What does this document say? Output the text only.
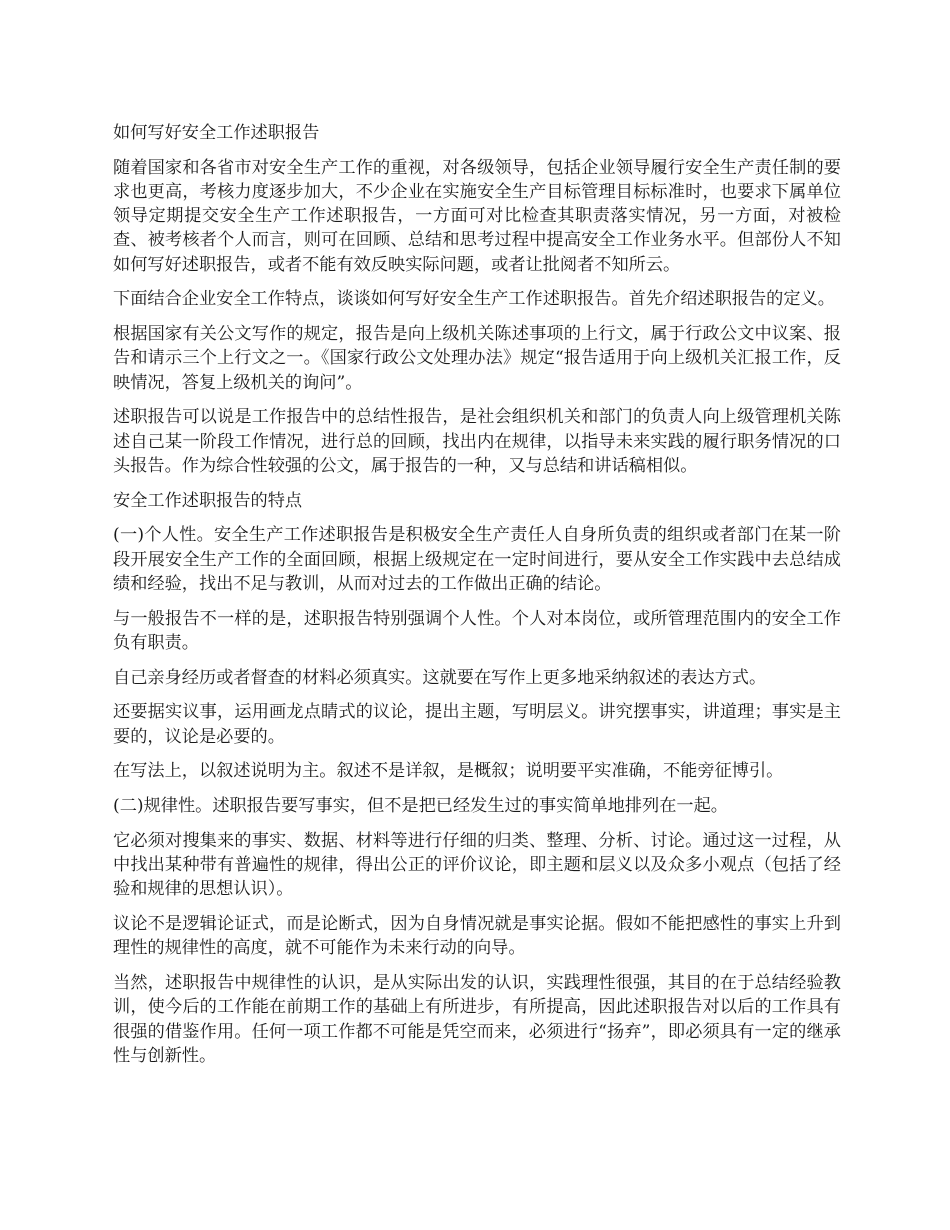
如何写好安全工作述职报告

随着国家和各省市对安全生产工作的重视，对各级领导，包括企业领导履行安全生产责任制的要求也更高，考核力度逐步加大，不少企业在实施安全生产目标管理目标标准时，也要求下属单位领导定期提交安全生产工作述职报告，一方面可对比检查其职责落实情况，另一方面，对被检查、被考核者个人而言，则可在回顾、总结和思考过程中提高安全工作业务水平。但部份人不知如何写好述职报告，或者不能有效反映实际问题，或者让批阅者不知所云。

下面结合企业安全工作特点，谈谈如何写好安全生产工作述职报告。首先介绍述职报告的定义。

根据国家有关公文写作的规定，报告是向上级机关陈述事项的上行文，属于行政公文中议案、报告和请示三个上行文之一。《国家行政公文处理办法》规定“报告适用于向上级机关汇报工作，反映情况，答复上级机关的询问”。

述职报告可以说是工作报告中的总结性报告，是社会组织机关和部门的负责人向上级管理机关陈述自己某一阶段工作情况，进行总的回顾，找出内在规律，以指导未来实践的履行职务情况的口头报告。作为综合性较强的公文，属于报告的一种，又与总结和讲话稿相似。

安全工作述职报告的特点

(一)个人性。安全生产工作述职报告是积极安全生产责任人自身所负责的组织或者部门在某一阶段开展安全生产工作的全面回顾，根据上级规定在一定时间进行，要从安全工作实践中去总结成绩和经验，找出不足与教训，从而对过去的工作做出正确的结论。

与一般报告不一样的是，述职报告特别强调个人性。个人对本岗位，或所管理范围内的安全工作负有职责。

自己亲身经历或者督查的材料必须真实。这就要在写作上更多地采纳叙述的表达方式。

还要据实议事，运用画龙点睛式的议论，提出主题，写明层义。讲究摆事实，讲道理；事实是主要的，议论是必要的。

在写法上，以叙述说明为主。叙述不是详叙，是概叙；说明要平实准确，不能旁征博引。

(二)规律性。述职报告要写事实，但不是把已经发生过的事实简单地排列在一起。

它必须对搜集来的事实、数据、材料等进行仔细的归类、整理、分析、讨论。通过这一过程，从中找出某种带有普遍性的规律，得出公正的评价议论，即主题和层义以及众多小观点（包括了经验和规律的思想认识）。

议论不是逻辑论证式，而是论断式，因为自身情况就是事实论据。假如不能把感性的事实上升到理性的规律性的高度，就不可能作为未来行动的向导。

当然，述职报告中规律性的认识，是从实际出发的认识，实践理性很强，其目的在于总结经验教训，使今后的工作能在前期工作的基础上有所进步，有所提高，因此述职报告对以后的工作具有很强的借鉴作用。任何一项工作都不可能是凭空而来，必须进行“扬弃”，即必须具有一定的继承性与创新性。
